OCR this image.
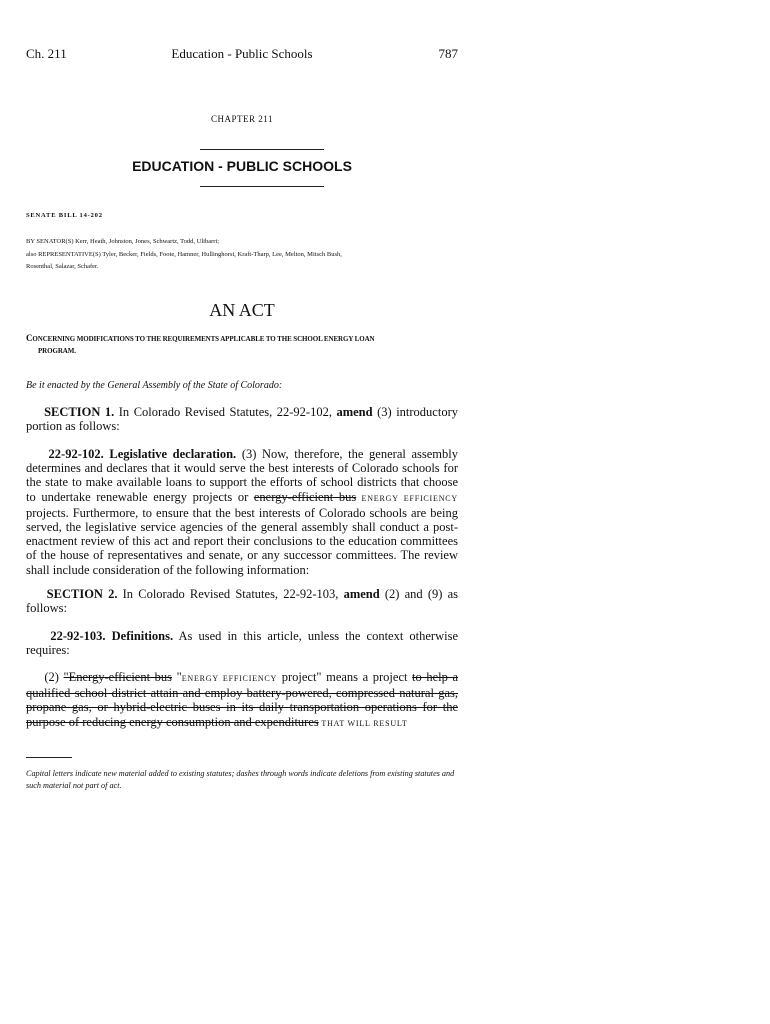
Ch. 211	Education - Public Schools	787
CHAPTER 211
EDUCATION - PUBLIC SCHOOLS
SENATE BILL 14-202
BY SENATOR(S) Kerr, Heath, Johnston, Jones, Schwartz, Todd, Ulibarri;
also REPRESENTATIVE(S) Tyler, Becker, Fields, Foote, Hamner, Hullinghorst, Kraft-Tharp, Lee, Melton, Mitsch Bush,
Rosenthal, Salazar, Schafer.
AN ACT
CONCERNING MODIFICATIONS TO THE REQUIREMENTS APPLICABLE TO THE SCHOOL ENERGY LOAN
PROGRAM.
Be it enacted by the General Assembly of the State of Colorado:
SECTION 1. In Colorado Revised Statutes, 22-92-102, amend (3) introductory portion as follows:
22-92-102. Legislative declaration. (3) Now, therefore, the general assembly determines and declares that it would serve the best interests of Colorado schools for the state to make available loans to support the efforts of school districts that choose to undertake renewable energy projects or energy-efficient bus ENERGY EFFICIENCY projects. Furthermore, to ensure that the best interests of Colorado schools are being served, the legislative service agencies of the general assembly shall conduct a post-enactment review of this act and report their conclusions to the education committees of the house of representatives and senate, or any successor committees. The review shall include consideration of the following information:
SECTION 2. In Colorado Revised Statutes, 22-92-103, amend (2) and (9) as follows:
22-92-103. Definitions. As used in this article, unless the context otherwise requires:
(2) "Energy-efficient bus "ENERGY EFFICIENCY project" means a project to help a qualified school district attain and employ battery-powered, compressed natural gas, propane gas, or hybrid-electric buses in its daily transportation operations for the purpose of reducing energy consumption and expenditures THAT WILL RESULT
Capital letters indicate new material added to existing statutes; dashes through words indicate deletions from existing statutes and such material not part of act.
